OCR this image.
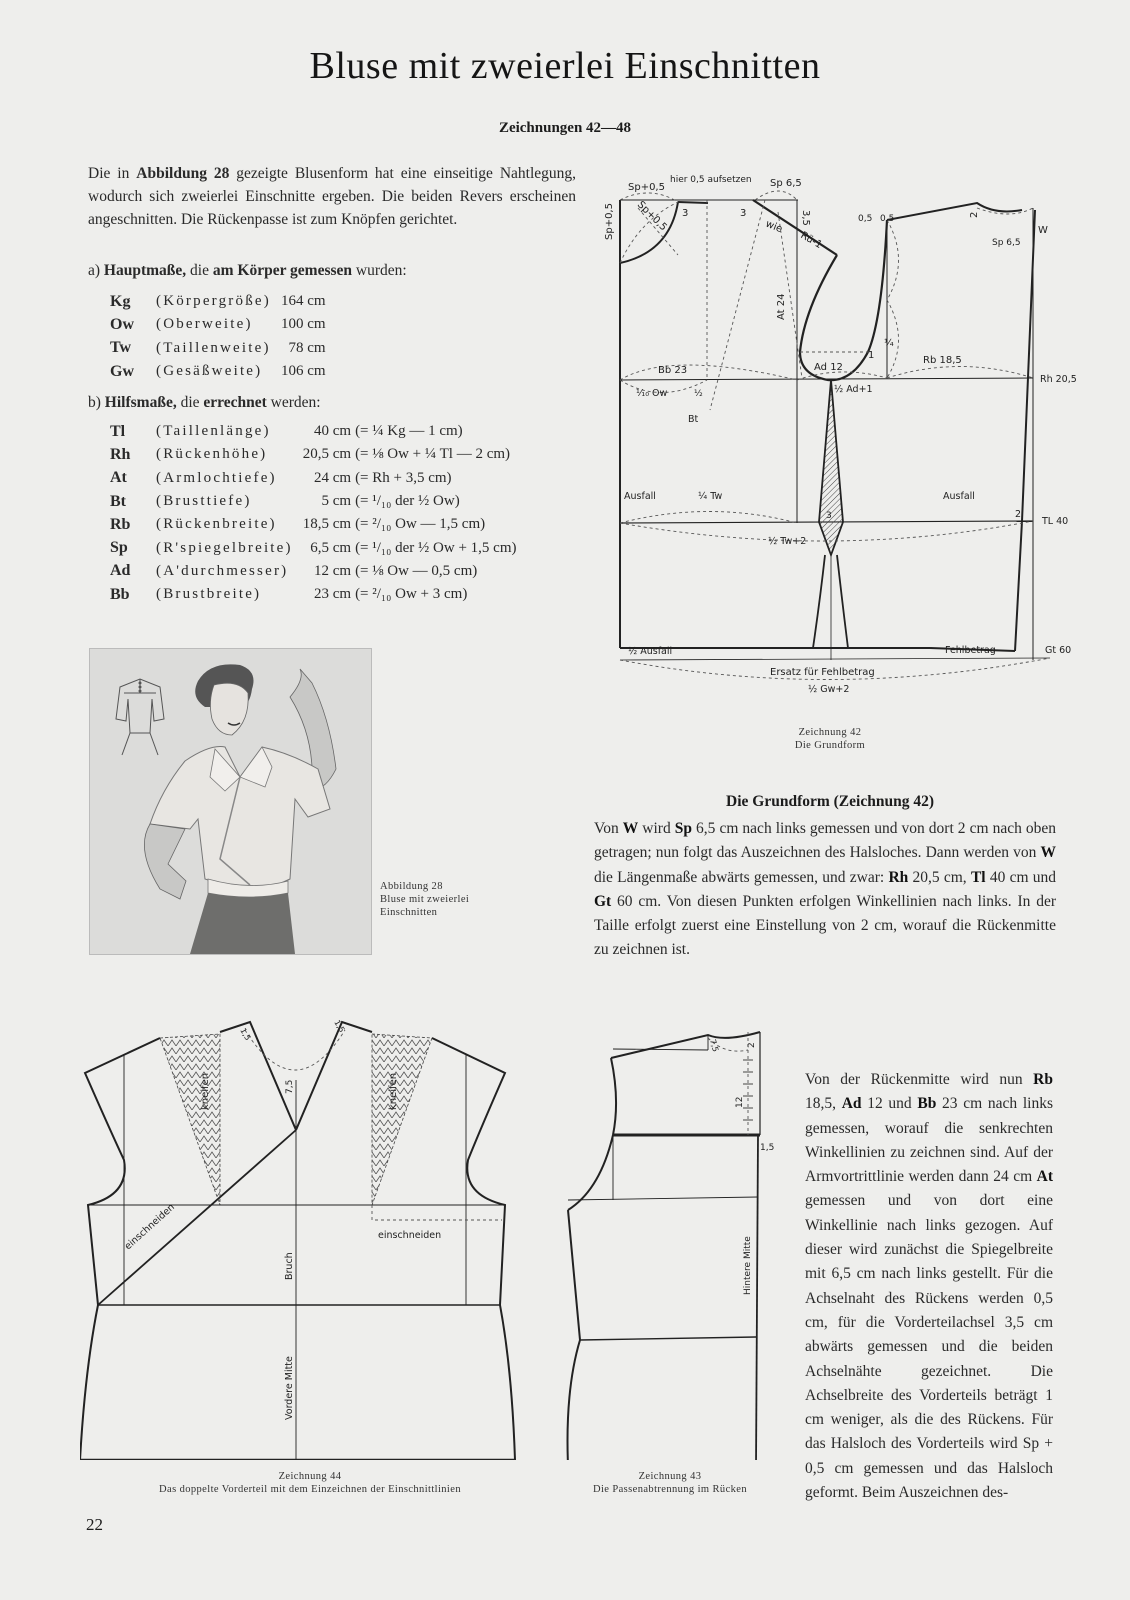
Bluse mit zweierlei Einschnitten
Zeichnungen 42—48
Die in Abbildung 28 gezeigte Blusenform hat eine einseitige Nahtlegung, wodurch sich zweierlei Einschnitte ergeben. Die beiden Revers erscheinen angeschnitten. Die Rückenpasse ist zum Knöpfen gerichtet.
a) Hauptmaße, die am Körper gemessen wurden:
Kg	(Körpergröße)	164 cm
Ow	(Oberweite)	100 cm
Tw	(Taillenweite)	78 cm
Gw	(Gesäßweite)	106 cm
b) Hilfsmaße, die errechnet werden:
Tl	(Taillenlänge)	40 cm	(= ¼ Kg — 1 cm)
Rh	(Rückenhöhe)	20,5 cm	(= ⅛ Ow + ¼ Tl — 2 cm)
At	(Armlochtiefe)	24 cm	(= Rh + 3,5 cm)
Bt	(Brusttiefe)	5 cm	(= ¹/₁₀ der ½ Ow)
Rb	(Rückenbreite)	18,5 cm	(= ²/₁₀ Ow — 1,5 cm)
Sp	(R'spiegelbreite)	6,5 cm	(= ¹/₁₀ der ½ Ow + 1,5 cm)
Ad	(A'durchmesser)	12 cm	(= ⅛ Ow — 0,5 cm)
Bb	(Brustbreite)	23 cm	(= ²/₁₀ Ow + 3 cm)
Abbildung 28
Bluse mit zweierlei
Einschnitten
Sp+0,5
hier 0,5 aufsetzen Sp 6,5
Sp+0,5 Sp+0,5 3	3	3,5
wie
Rü-1
At 24
0,5 0,5	2
W
Sp 6,5
¼
1
Bb 23	Ad 12
Rb 18,5
Rh 20,5
¹⁄₁₀ Ow	½
Bt
½ Ad+1
Ausfall	¼ Tw
3
Ausfall
2
TL 40
½ Tw+2
½ Ausfall	Fehlbetrag	Gt 60
Ersatz für Fehlbetrag
½ Gw+2
Zeichnung 42
Die Grundform
Die Grundform (Zeichnung 42)
Von W wird Sp 6,5 cm nach links gemessen und von dort 2 cm nach oben getragen; nun folgt das Auszeichnen des Halsloches. Dann werden von W die Längenmaße abwärts gemessen, und zwar: Rh 20,5 cm, Tl 40 cm und Gt 60 cm. Von diesen Punkten erfolgen Winkellinien nach links. In der Taille erfolgt zuerst eine Einstellung von 2 cm, worauf die Rückenmitte zu zeichnen ist.
kneifen	kneifen
1,5
1,5
7,5
einschneiden	einschneiden
Bruch
Vordere Mitte
Zeichnung 44
Das doppelte Vorderteil mit dem Einzeichnen der Einschnittlinien
7,5	2
12
1,5
Hintere Mitte
Zeichnung 43
Die Passenabtrennung im Rücken
Von der Rückenmitte wird nun Rb 18,5, Ad 12 und Bb 23 cm nach links gemessen, worauf die senkrechten Winkellinien zu zeichnen sind. Auf der Armvortrittlinie werden dann 24 cm At gemessen und von dort eine Winkellinie nach links gezogen. Auf dieser wird zunächst die Spiegelbreite mit 6,5 cm nach links gestellt. Für die Achselnaht des Rückens werden 0,5 cm, für die Vorderteilachsel 3,5 cm abwärts gemessen und die beiden Achselnähte gezeichnet. Die Achselbreite des Vorderteils beträgt 1 cm weniger, als die des Rückens. Für das Halsloch des Vorderteils wird Sp + 0,5 cm gemessen und das Halsloch geformt. Beim Auszeichnen des-
22
